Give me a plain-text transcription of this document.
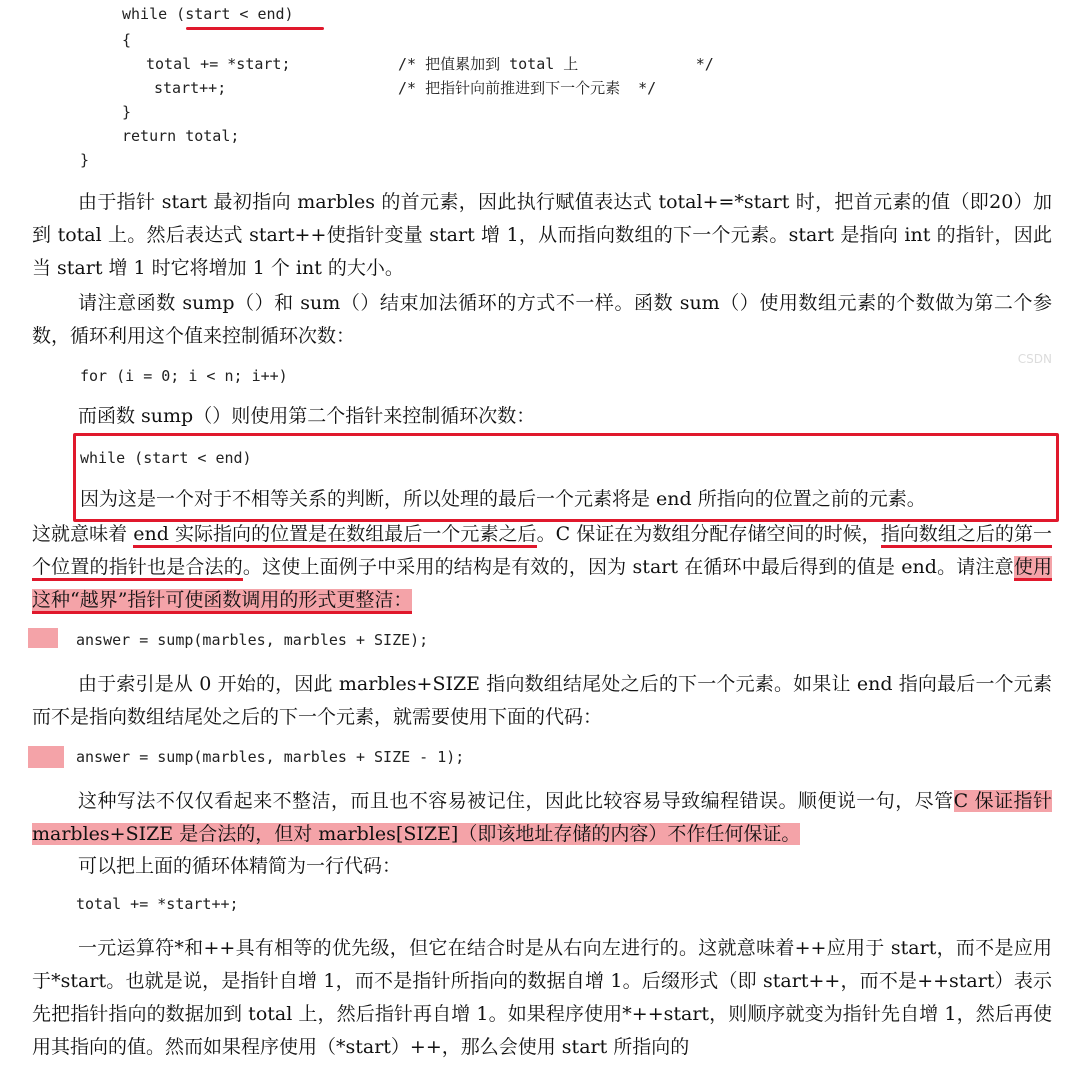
while (start < end)
{
total += *start;	/* 把值累加到 total 上             */
start++;	/* 把指针向前推进到下一个元素  */
}
return total;
}
由于指针 start 最初指向 marbles 的首元素，因此执行赋值表达式 total+=*start 时，把首元素的值（即20）加到 total 上。然后表达式 start++使指针变量 start 增 1，从而指向数组的下一个元素。start 是指向 int 的指针，因此当 start 增 1 时它将增加 1 个 int 的大小。
请注意函数 sump（）和 sum（）结束加法循环的方式不一样。函数 sum（）使用数组元素的个数做为第二个参数，循环利用这个值来控制循环次数：
for (i = 0; i < n; i++)
CSDN
而函数 sump（）则使用第二个指针来控制循环次数：
while (start < end)
因为这是一个对于不相等关系的判断，所以处理的最后一个元素将是 end 所指向的位置之前的元素。
这就意味着 end 实际指向的位置是在数组最后一个元素之后。C 保证在为数组分配存储空间的时候，指向数组之后的第一个位置的指针也是合法的。这使上面例子中采用的结构是有效的，因为 start 在循环中最后得到的值是 end。请注意使用这种“越界”指针可使函数调用的形式更整洁：
answer = sump(marbles, marbles + SIZE);
由于索引是从 0 开始的，因此 marbles+SIZE 指向数组结尾处之后的下一个元素。如果让 end 指向最后一个元素而不是指向数组结尾处之后的下一个元素，就需要使用下面的代码：
answer = sump(marbles, marbles + SIZE - 1);
这种写法不仅仅看起来不整洁，而且也不容易被记住，因此比较容易导致编程错误。顺便说一句，尽管C 保证指针 marbles+SIZE 是合法的，但对 marbles[SIZE]（即该地址存储的内容）不作任何保证。
可以把上面的循环体精简为一行代码：
total += *start++;
一元运算符*和++具有相等的优先级，但它在结合时是从右向左进行的。这就意味着++应用于 start，而不是应用于*start。也就是说，是指针自增 1，而不是指针所指向的数据自增 1。后缀形式（即 start++，而不是++start）表示先把指针指向的数据加到 total 上，然后指针再自增 1。如果程序使用*++start，则顺序就变为指针先自增 1，然后再使用其指向的值。然而如果程序使用（*start）++，那么会使用 start 所指向的
